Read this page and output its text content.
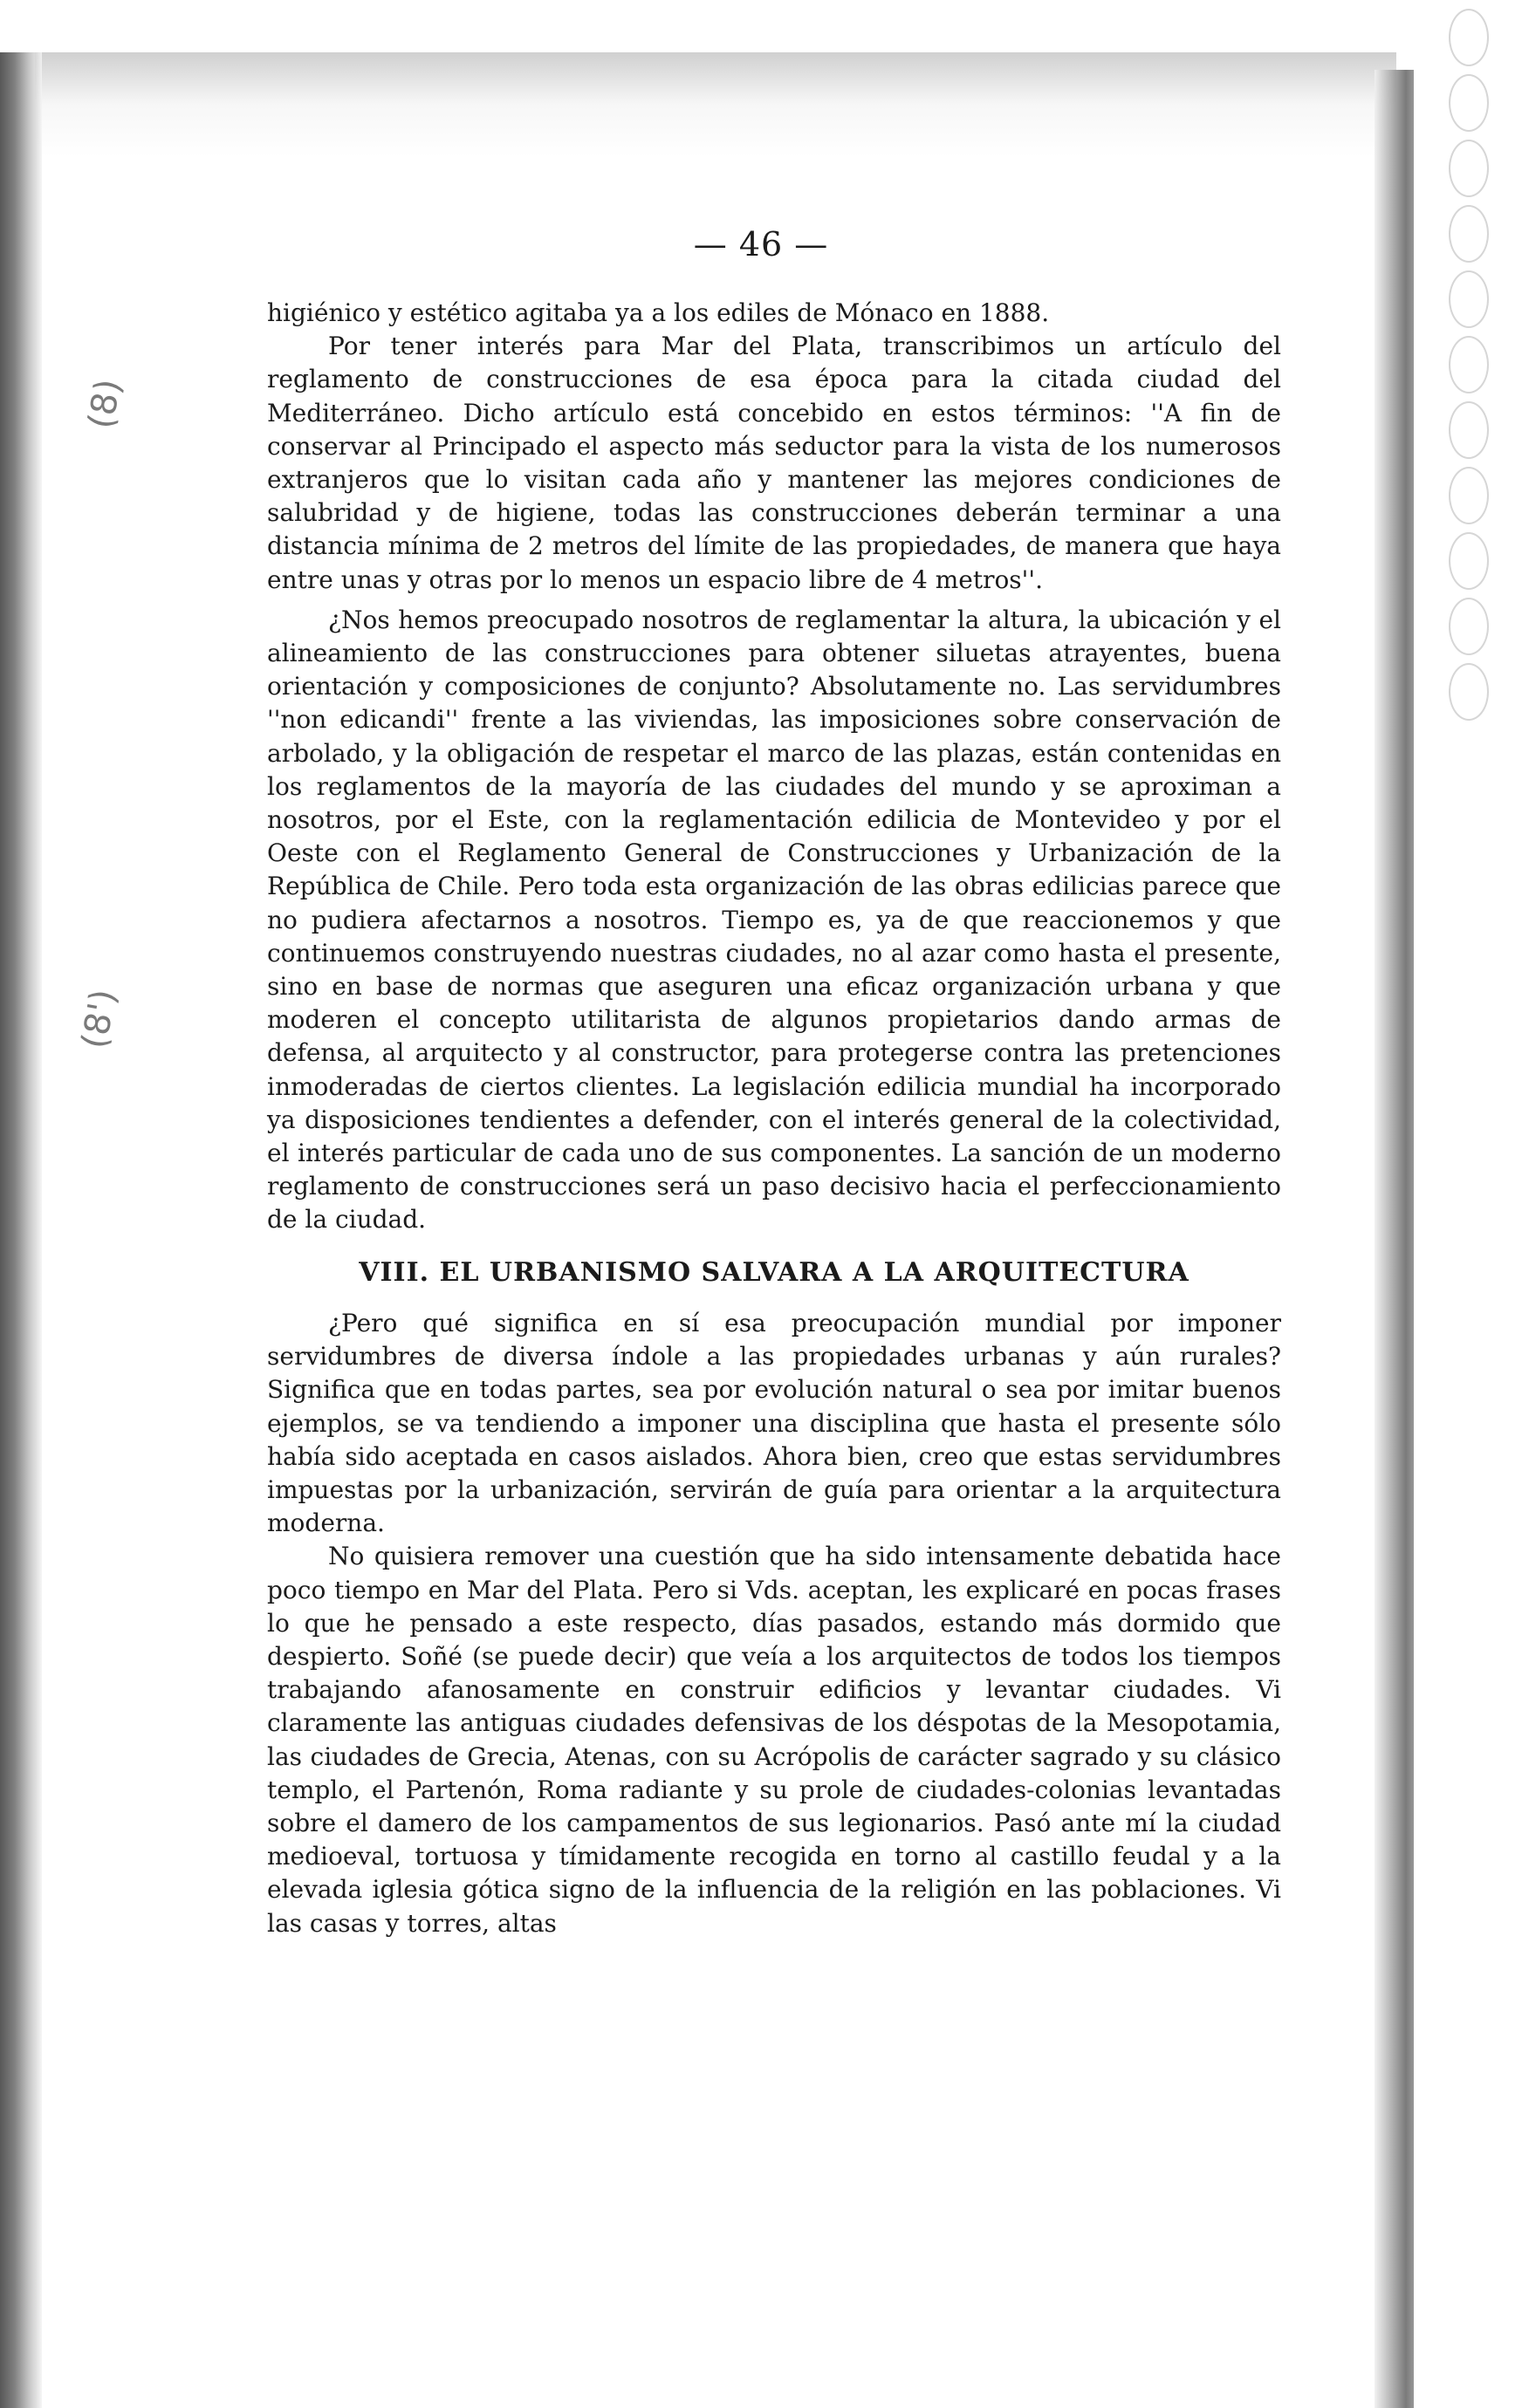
(8)
(8')
— 46 —

higiénico y estético agitaba ya a los ediles de Mónaco en 1888.

Por tener interés para Mar del Plata, transcribimos un artículo del reglamento de construcciones de esa época para la citada ciudad del Mediterráneo. Dicho artículo está concebido en estos términos: ''A fin de conservar al Principado el aspecto más seductor para la vista de los numerosos extranjeros que lo visitan cada año y mantener las mejores condiciones de salubridad y de higiene, todas las construcciones deberán terminar a una distancia mínima de 2 metros del límite de las propiedades, de manera que haya entre unas y otras por lo menos un espacio libre de 4 metros''.

¿Nos hemos preocupado nosotros de reglamentar la altura, la ubicación y el alineamiento de las construcciones para obtener siluetas atrayentes, buena orientación y composiciones de conjunto? Absolutamente no. Las servidumbres ''non edicandi'' frente a las viviendas, las imposiciones sobre conservación de arbolado, y la obligación de respetar el marco de las plazas, están contenidas en los reglamentos de la mayoría de las ciudades del mundo y se aproximan a nosotros, por el Este, con la reglamentación edilicia de Montevideo y por el Oeste con el Reglamento General de Construcciones y Urbanización de la República de Chile. Pero toda esta organización de las obras edilicias parece que no pudiera afectarnos a nosotros. Tiempo es, ya de que reaccionemos y que continuemos construyendo nuestras ciudades, no al azar como hasta el presente, sino en base de normas que aseguren una eficaz organización urbana y que moderen el concepto utilitarista de algunos propietarios dando armas de defensa, al arquitecto y al constructor, para protegerse contra las pretenciones inmoderadas de ciertos clientes. La legislación edilicia mundial ha incorporado ya disposiciones tendientes a defender, con el interés general de la colectividad, el interés particular de cada uno de sus componentes. La sanción de un moderno reglamento de construcciones será un paso decisivo hacia el perfeccionamiento de la ciudad.

VIII. EL URBANISMO SALVARA A LA ARQUITECTURA

¿Pero qué significa en sí esa preocupación mundial por imponer servidumbres de diversa índole a las propiedades urbanas y aún rurales? Significa que en todas partes, sea por evolución natural o sea por imitar buenos ejemplos, se va tendiendo a imponer una disciplina que hasta el presente sólo había sido aceptada en casos aislados. Ahora bien, creo que estas servidumbres impuestas por la urbanización, servirán de guía para orientar a la arquitectura moderna.

No quisiera remover una cuestión que ha sido intensamente debatida hace poco tiempo en Mar del Plata. Pero si Vds. aceptan, les explicaré en pocas frases lo que he pensado a este respecto, días pasados, estando más dormido que despierto. Soñé (se puede decir) que veía a los arquitectos de todos los tiempos trabajando afanosamente en construir edificios y levantar ciudades. Vi claramente las antiguas ciudades defensivas de los déspotas de la Mesopotamia, las ciudades de Grecia, Atenas, con su Acrópolis de carácter sagrado y su clásico templo, el Partenón, Roma radiante y su prole de ciudades-colonias levantadas sobre el damero de los campamentos de sus legionarios. Pasó ante mí la ciudad medioeval, tortuosa y tímidamente recogida en torno al castillo feudal y a la elevada iglesia gótica signo de la influencia de la religión en las poblaciones. Vi las casas y torres, altas
